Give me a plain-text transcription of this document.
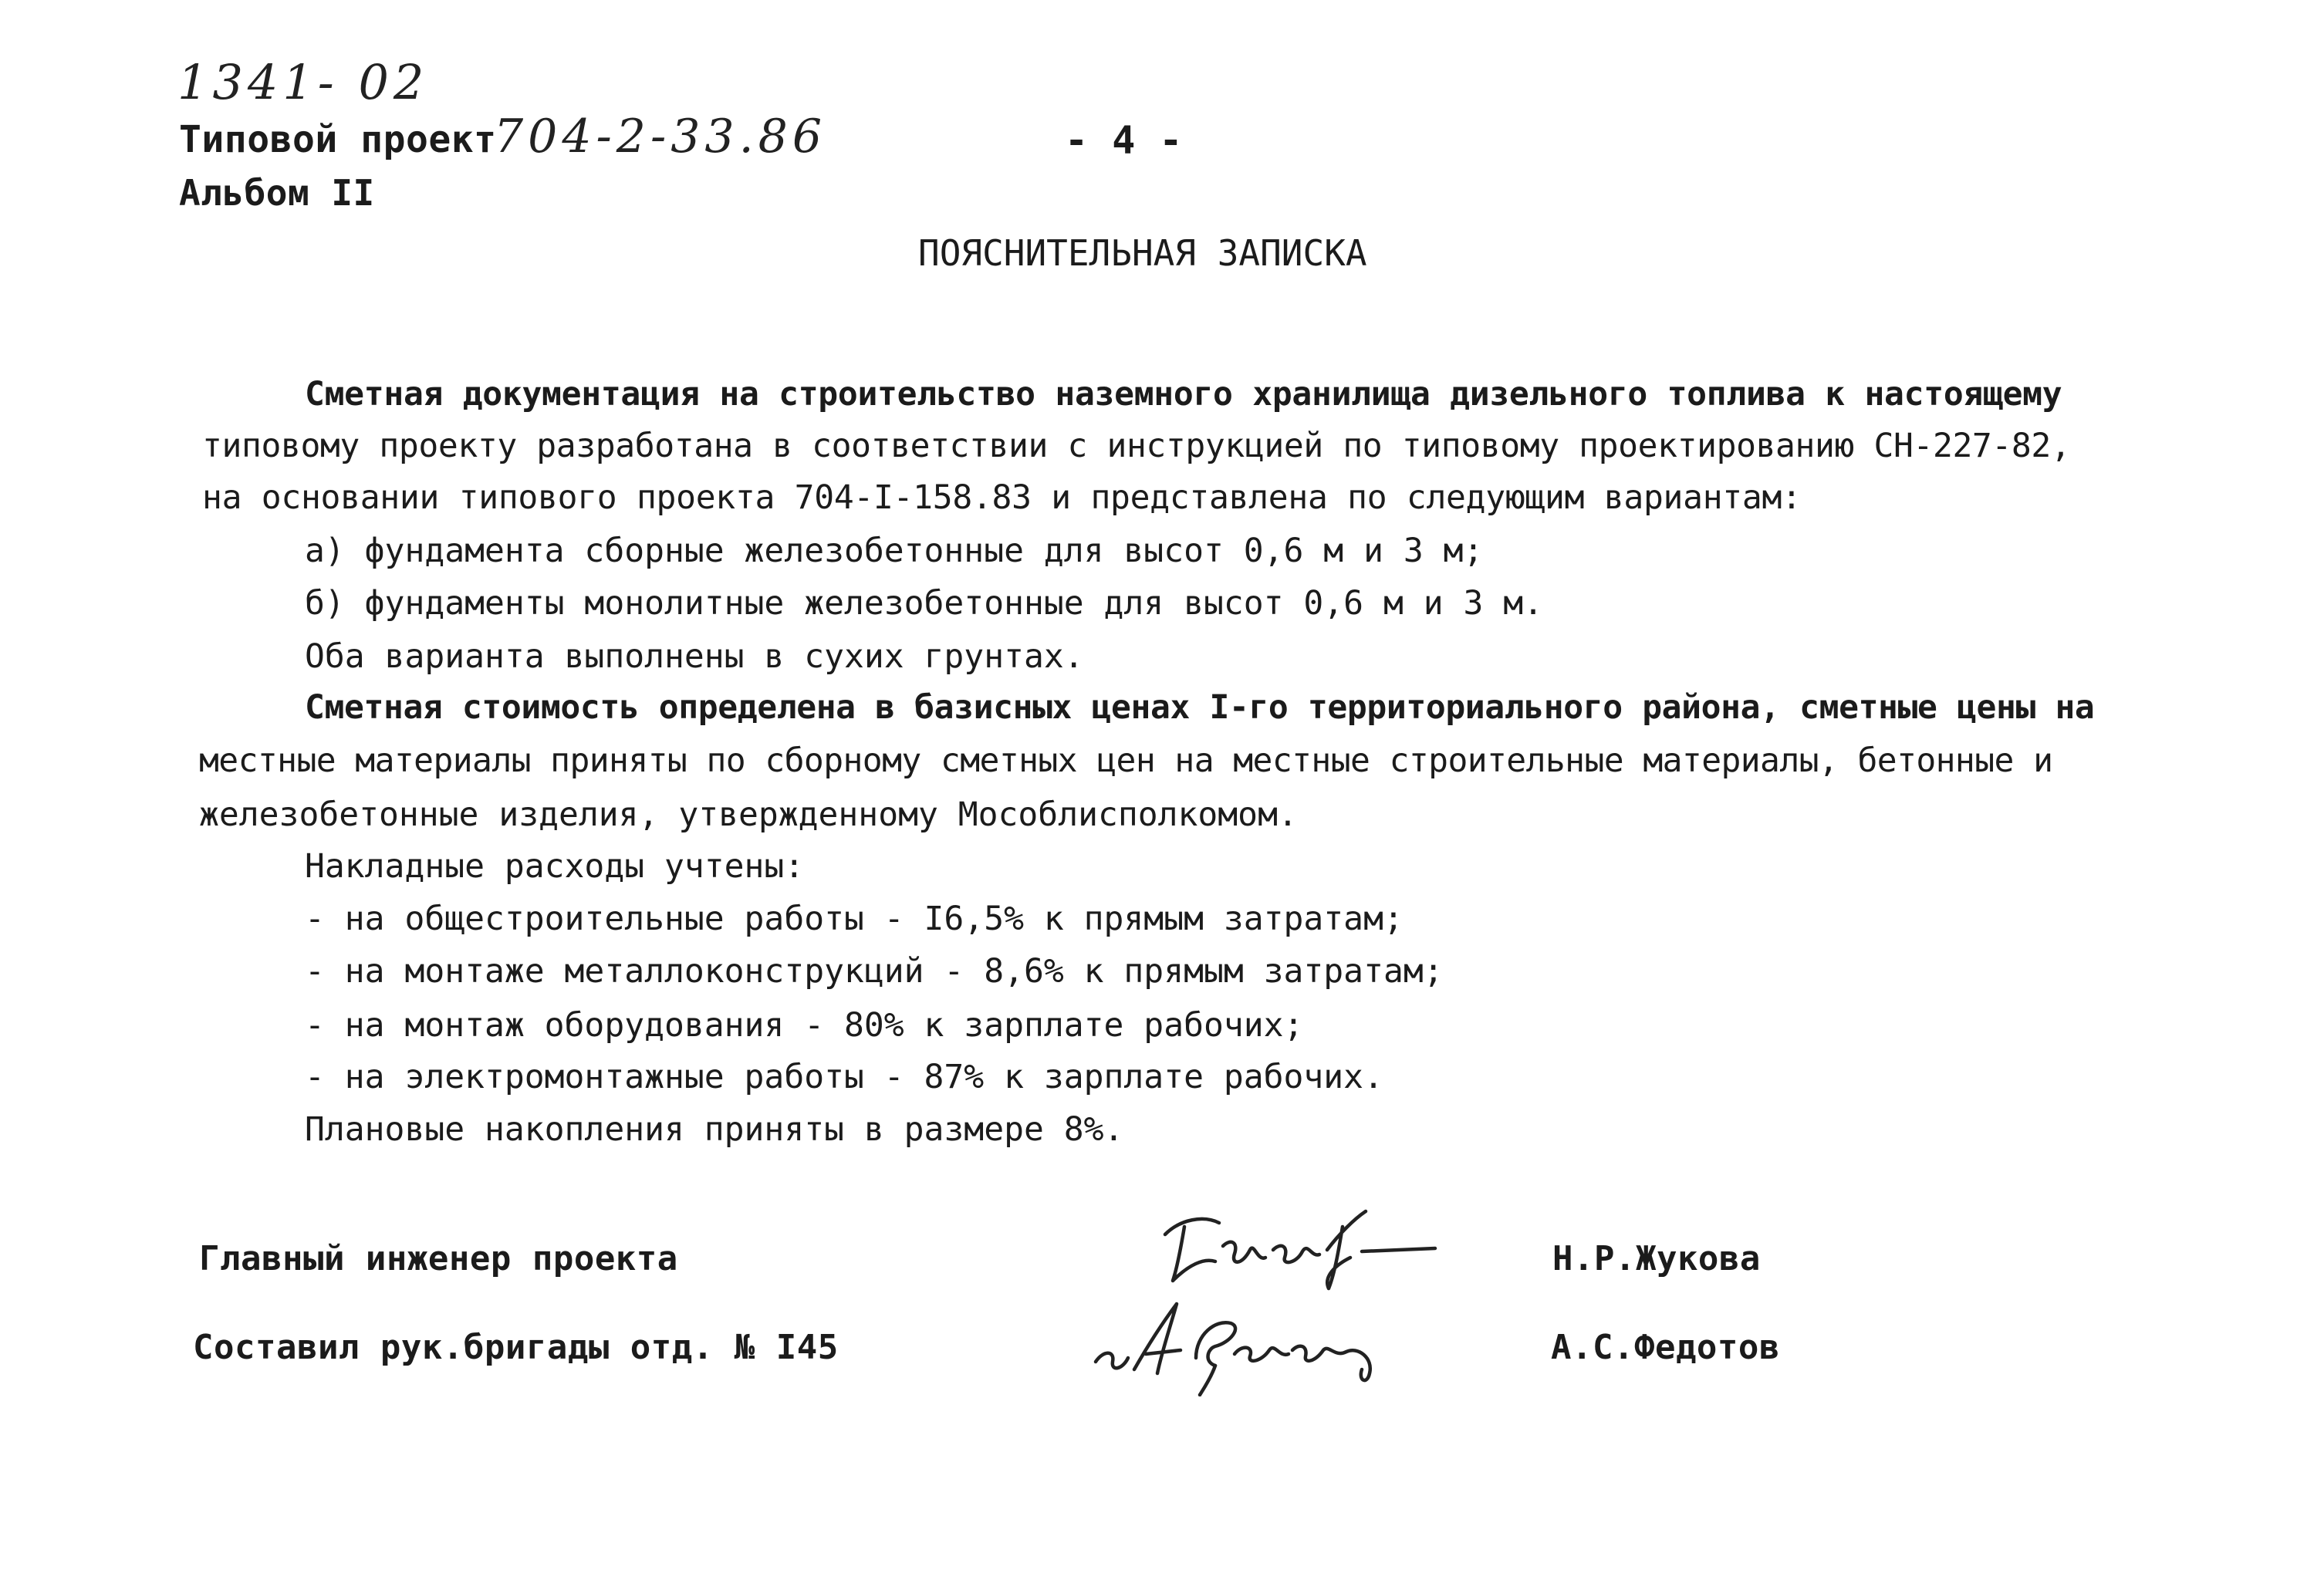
1341- 02
Типовой проект
704-2-33.86	- 4 -
Альбом II
ПОЯСНИТЕЛЬНАЯ ЗАПИСКА
Сметная документация на строительство наземного хранилища дизельного топлива к настоящему
типовому проекту разработана в соответствии с инструкцией по типовому проектированию СН-227-82,
на основании типового проекта 704-I-158.83 и представлена по следующим вариантам:
а) фундамента сборные железобетонные для высот 0,6 м и 3 м;
б) фундаменты монолитные железобетонные для высот 0,6 м и 3 м.
Оба варианта выполнены в сухих грунтах.
Сметная стоимость определена в базисных ценах I-го территориального района, сметные цены на
местные материалы приняты по сборному сметных цен на местные строительные материалы, бетонные и
железобетонные изделия, утвержденному Мособлисполкомом.
Накладные расходы учтены:
- на общестроительные работы - I6,5% к прямым затратам;
- на монтаже металлоконструкций - 8,6% к прямым затратам;
- на монтаж оборудования - 80% к зарплате рабочих;
- на электромонтажные работы - 87% к зарплате рабочих.
Плановые накопления приняты в размере 8%.
Главный инженер проекта	Н.Р.Жукова
Составил рук.бригады отд. № I45	А.С.Федотов
